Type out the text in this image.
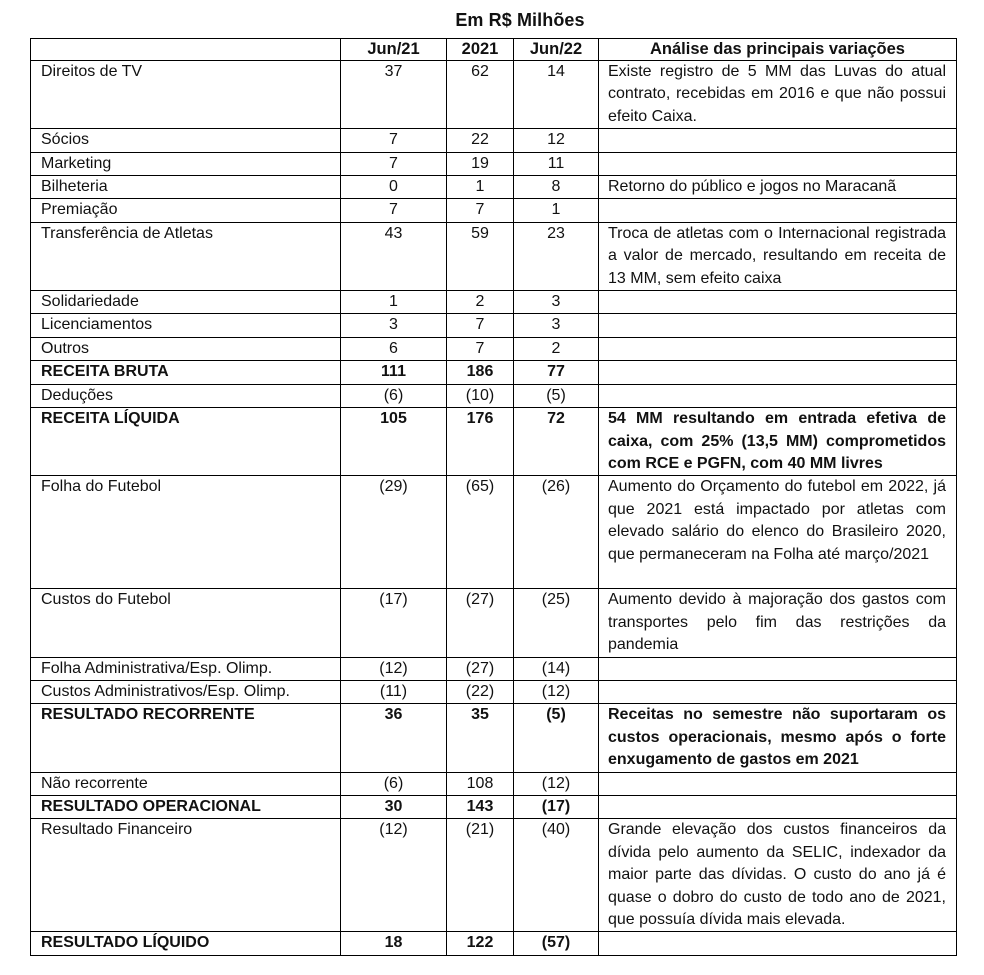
Em R$ Milhões
	Jun/21	2021	Jun/22	Análise das principais variações
Direitos de TV	37	62	14	Existe registro de 5 MM das Luvas do atual contrato, recebidas em 2016 e que não possui efeito Caixa.
Sócios	7	22	12	
Marketing	7	19	11	
Bilheteria	0	1	8	Retorno do público e jogos no Maracanã
Premiação	7	7	1	
Transferência de Atletas	43	59	23	Troca de atletas com o Internacional registrada a valor de mercado, resultando em receita de 13 MM, sem efeito caixa
Solidariedade	1	2	3	
Licenciamentos	3	7	3	
Outros	6	7	2	
RECEITA BRUTA	111	186	77	
Deduções	(6)	(10)	(5)	
RECEITA LÍQUIDA	105	176	72	54 MM resultando em entrada efetiva de caixa, com 25% (13,5 MM) comprometidos com RCE e PGFN, com 40 MM livres
Folha do Futebol	(29)	(65)	(26)	Aumento do Orçamento do futebol em 2022, já que 2021 está impactado por atletas com elevado salário do elenco do Brasileiro 2020, que permaneceram na Folha até março/2021
Custos do Futebol	(17)	(27)	(25)	Aumento devido à majoração dos gastos com transportes pelo fim das restrições da pandemia
Folha Administrativa/Esp. Olimp.	(12)	(27)	(14)	
Custos Administrativos/Esp. Olimp.	(11)	(22)	(12)	
RESULTADO RECORRENTE	36	35	(5)	Receitas no semestre não suportaram os custos operacionais, mesmo após o forte enxugamento de gastos em 2021
Não recorrente	(6)	108	(12)	
RESULTADO OPERACIONAL	30	143	(17)	
Resultado Financeiro	(12)	(21)	(40)	Grande elevação dos custos financeiros da dívida pelo aumento da SELIC, indexador da maior parte das dívidas. O custo do ano já é quase o dobro do custo de todo ano de 2021, que possuía dívida mais elevada.
RESULTADO LÍQUIDO	18	122	(57)	
